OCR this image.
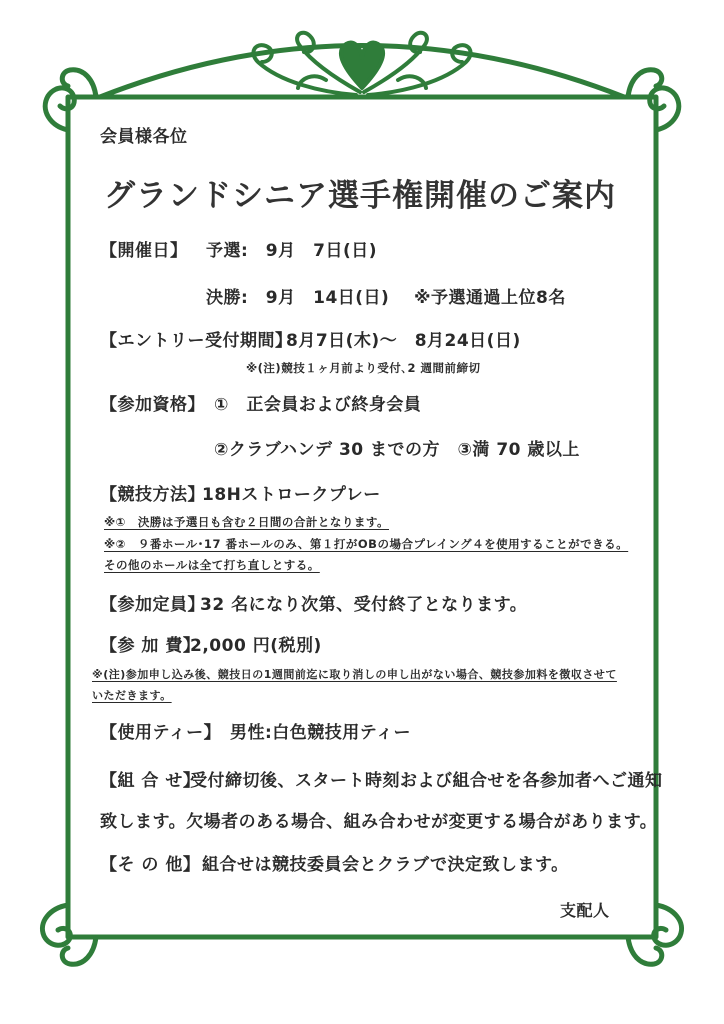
会員様各位
グランドシニア選手権開催のご案内
【開催日】 予選:　9月　7日(日)
決勝:　9月　14日(日) ※予選通過上位8名
【エントリー受付期間】
8月7日(木)～　8月24日(日)
※(注)競技１ヶ月前より受付､2 週間前締切
【参加資格】 ①　正会員および終身会員
②クラブハンデ 30 までの方　③満 70 歳以上
【競技方法】
18Hストロークプレー
※①　決勝は予選日も含む２日間の合計となります。
※②　９番ホール･17 番ホールのみ、第１打がOBの場合プレイング４を使用することができる。
その他のホールは全て打ち直しとする。
【参加定員】
32 名になり次第、受付終了となります。
【参 加 費】
2,000 円(税別)
※(注)参加申し込み後、競技日の1週間前迄に取り消しの申し出がない場合、競技参加料を徴収させて
いただきます。
【使用ティー】 男性:白色競技用ティー
【組 合 せ】
受付締切後、スタート時刻および組合せを各参加者へご通知
致します。欠場者のある場合、組み合わせが変更する場合があります。
【そ の 他】 組合せは競技委員会とクラブで決定致します。
支配人
